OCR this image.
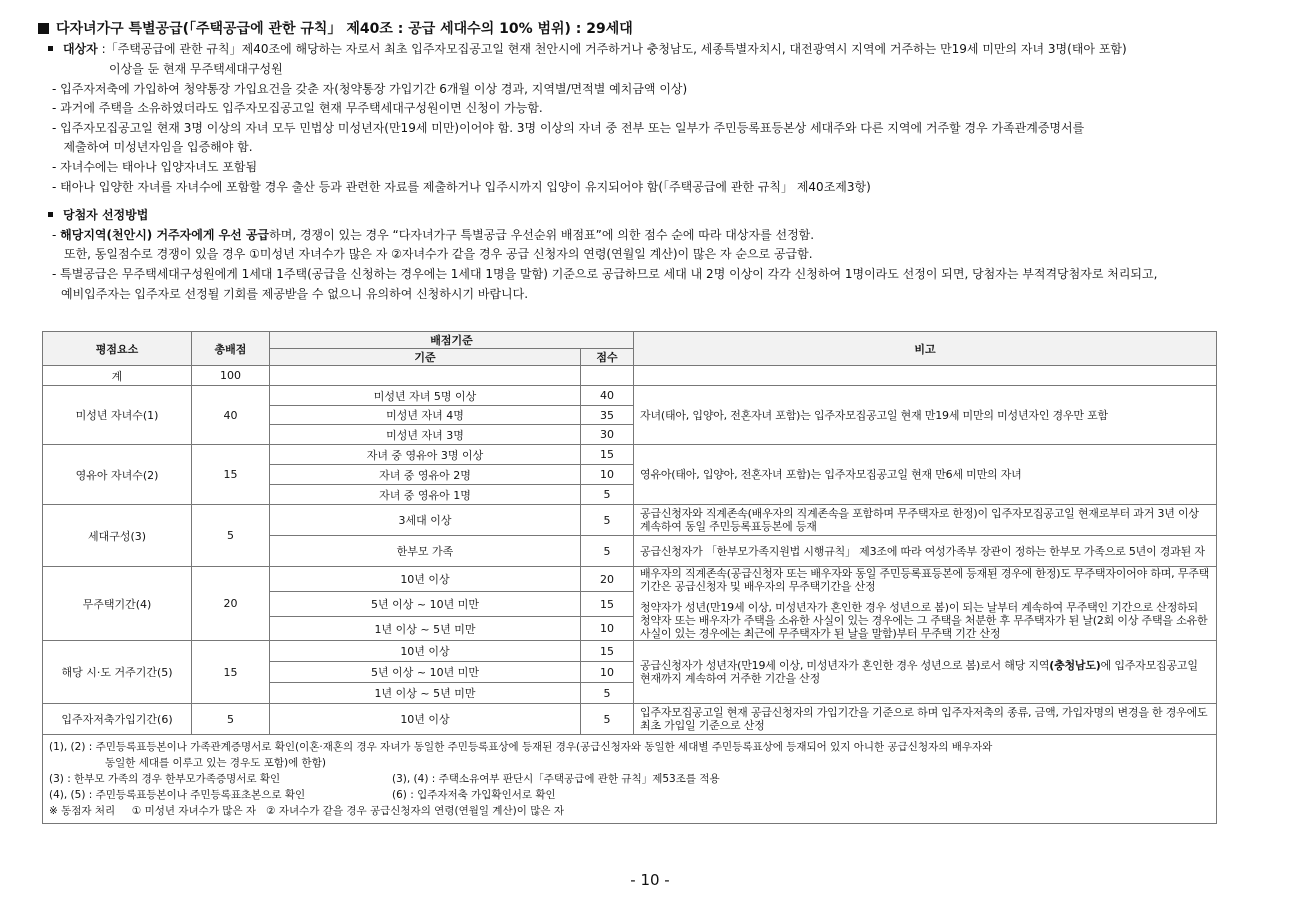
다자녀가구 특별공급(「주택공급에 관한 규칙」 제40조 : 공급 세대수의 10% 범위) : 29세대
대상자 :「주택공급에 관한 규칙」제40조에 해당하는 자로서 최초 입주자모집공고일 현재 천안시에 거주하거나 충청남도, 세종특별자치시, 대전광역시 지역에 거주하는 만19세 미만의 자녀 3명(태아 포함)
이상을 둔 현재 무주택세대구성원
- 입주자저축에 가입하여 청약통장 가입요건을 갖춘 자(청약통장 가입기간 6개월 이상 경과, 지역별/면적별 예치금액 이상)
- 과거에 주택을 소유하였더라도 입주자모집공고일 현재 무주택세대구성원이면 신청이 가능함.
- 입주자모집공고일 현재 3명 이상의 자녀 모두 민법상 미성년자(만19세 미만)이어야 함. 3명 이상의 자녀 중 전부 또는 일부가 주민등록표등본상 세대주와 다른 지역에 거주할 경우 가족관계증명서를
제출하여 미성년자임을 입증해야 함.
- 자녀수에는 태아나 입양자녀도 포함됨
- 태아나 입양한 자녀를 자녀수에 포함할 경우 출산 등과 관련한 자료를 제출하거나 입주시까지 입양이 유지되어야 함(「주택공급에 관한 규칙」 제40조제3항)
당첨자 선정방법
- 해당지역(천안시) 거주자에게 우선 공급하며, 경쟁이 있는 경우 “다자녀가구 특별공급 우선순위 배점표”에 의한 점수 순에 따라 대상자를 선정함.
또한, 동일점수로 경쟁이 있을 경우 ①미성년 자녀수가 많은 자 ②자녀수가 같을 경우 공급 신청자의 연령(연월일 계산)이 많은 자 순으로 공급함.
- 특별공급은 무주택세대구성원에게 1세대 1주택(공급을 신청하는 경우에는 1세대 1명을 말함) 기준으로 공급하므로 세대 내 2명 이상이 각각 신청하여 1명이라도 선정이 되면, 당첨자는 부적격당첨자로 처리되고,
예비입주자는 입주자로 선정될 기회를 제공받을 수 없으니 유의하여 신청하시기 바랍니다.
평점요소	총배점	배점기준		비고
		기준	점수	
계	100			
미성년 자녀수(1)	40	미성년 자녀 5명 이상	40	자녀(태아, 입양아, 전혼자녀 포함)는 입주자모집공고일 현재 만19세 미만의 미성년자인 경우만 포함
		미성년 자녀 4명	35	
		미성년 자녀 3명	30	
영유아 자녀수(2)	15	자녀 중 영유아 3명 이상	15	영유아(태아, 입양아, 전혼자녀 포함)는 입주자모집공고일 현재 만6세 미만의 자녀
		자녀 중 영유아 2명	10	
		자녀 중 영유아 1명	5	
세대구성(3)	5	3세대 이상	5	공급신청자와 직계존속(배우자의 직계존속을 포함하며 무주택자로 한정)이 입주자모집공고일 현재로부터 과거 3년 이상 계속하여 동일 주민등록표등본에 등재
		한부모 가족	5	공급신청자가 「한부모가족지원법 시행규칙」 제3조에 따라 여성가족부 장관이 정하는 한부모 가족으로 5년이 경과된 자
무주택기간(4)	20	10년 이상	20	배우자의 직계존속(공급신청자 또는 배우자와 동일 주민등록표등본에 등재된 경우에 한정)도 무주택자이어야 하며, 무주택기간은 공급신청자 및 배우자의 무주택기간을 산정
청약자가 성년(만19세 이상, 미성년자가 혼인한 경우 성년으로 봄)이 되는 날부터 계속하여 무주택인 기간으로 산정하되 청약자 또는 배우자가 주택을 소유한 사실이 있는 경우에는 그 주택을 처분한 후 무주택자가 된 날(2회 이상 주택을 소유한 사실이 있는 경우에는 최근에 무주택자가 된 날을 말함)부터 무주택 기간 산정

		5년 이상 ~ 10년 미만	15	
		1년 이상 ~ 5년 미만	10	
해당 시·도 거주기간(5)	15	10년 이상	15	공급신청자가 성년자(만19세 이상, 미성년자가 혼인한 경우 성년으로 봄)로서 해당 지역(충청남도)에 입주자모집공고일 현재까지 계속하여 거주한 기간을 산정
		5년 이상 ~ 10년 미만	10	
		1년 이상 ~ 5년 미만	5	
입주자저축가입기간(6)	5	10년 이상	5	입주자모집공고일 현재 공급신청자의 가입기간을 기준으로 하며 입주자저축의 종류, 금액, 가입자명의 변경을 한 경우에도 최초 가입일 기준으로 산정

(1), (2) : 주민등록표등본이나 가족관계증명서로 확인(이혼·재혼의 경우 자녀가 동일한 주민등록표상에 등재된 경우(공급신청자와 동일한 세대별 주민등록표상에 등재되어 있지 아니한 공급신청자의 배우자와
동일한 세대를 이루고 있는 경우도 포함)에 한함)
(3) : 한부모 가족의 경우 한부모가족증명서로 확인 (3), (4) : 주택소유여부 판단시「주택공급에 관한 규칙」제53조를 적용
(4), (5) : 주민등록표등본이나 주민등록표초본으로 확인 (6) : 입주자저축 가입확인서로 확인
※ 동점자 처리     ① 미성년 자녀수가 많은 자   ② 자녀수가 같을 경우 공급신청자의 연령(연월일 계산)이 많은 자				
- 10 -
